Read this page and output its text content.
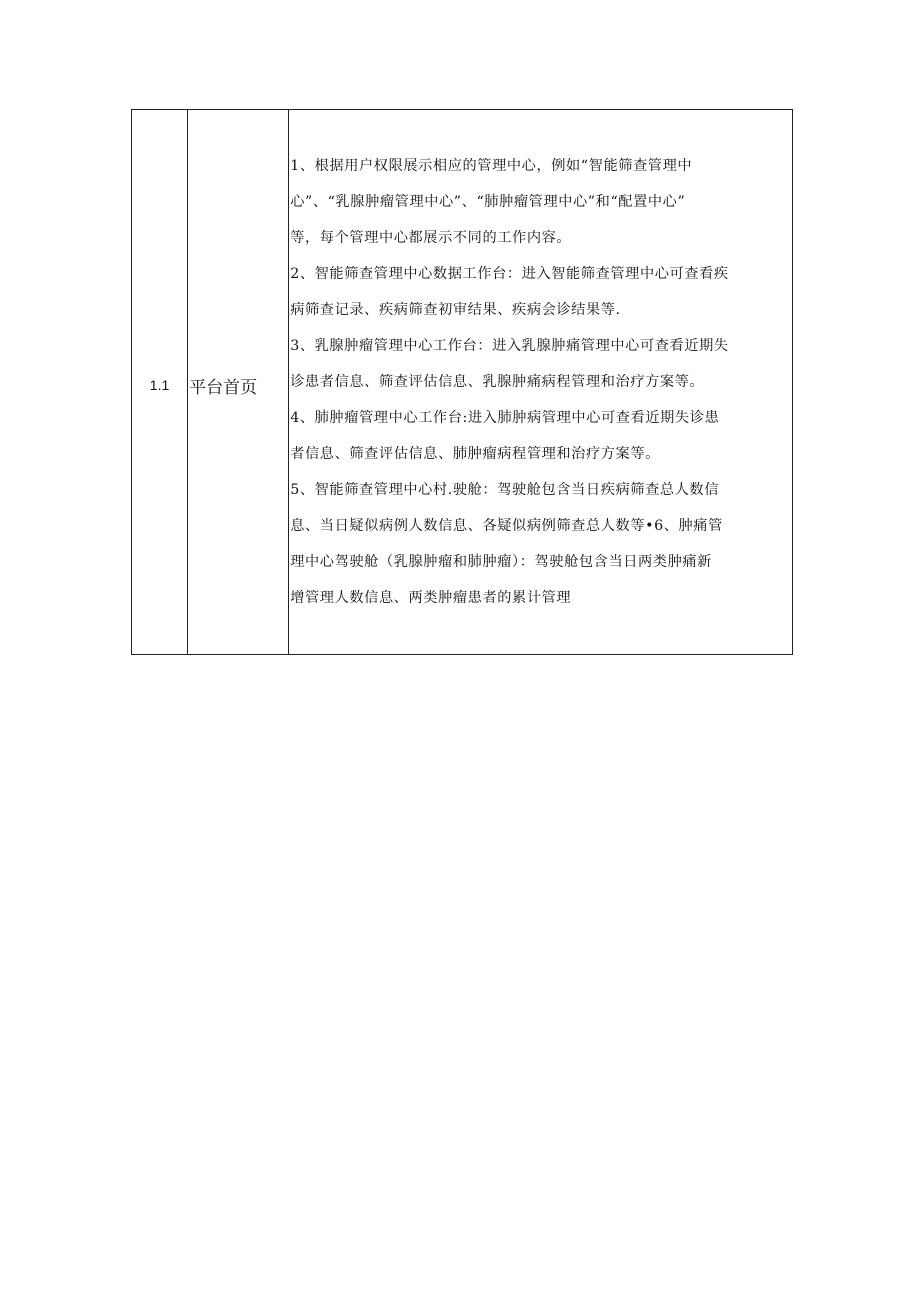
1.1	平台首页	
1、根据用户权限展示相应的管理中心，例如“智能筛查管理中
心”、“乳腺肿瘤管理中心”、“肺肿瘤管理中心”和“配置中心”
等，每个管理中心都展示不同的工作内容。
2、智能筛查管理中心数据工作台：进入智能筛查管理中心可查看疾
病筛查记录、疾病筛查初审结果、疾病会诊结果等.
3、乳腺肿瘤管理中心工作台：进入乳腺肿痛管理中心可查看近期失
诊患者信息、筛查评估信息、乳腺肿痛病程管理和治疗方案等。
4、肺肿瘤管理中心工作台:进入肺肿病管理中心可查看近期失诊患
者信息、筛查评估信息、肺肿瘤病程管理和治疗方案等。
5、智能筛查管理中心村.驶舱：驾驶舱包含当日疾病筛查总人数信
息、当日疑似病例人数信息、各疑似病例筛查总人数等•6、肿痛管
理中心驾驶舱（乳腺肿瘤和肺肿瘤）：驾驶舱包含当日两类肿痛新
增管理人数信息、两类肿瘤患者的累计管理
